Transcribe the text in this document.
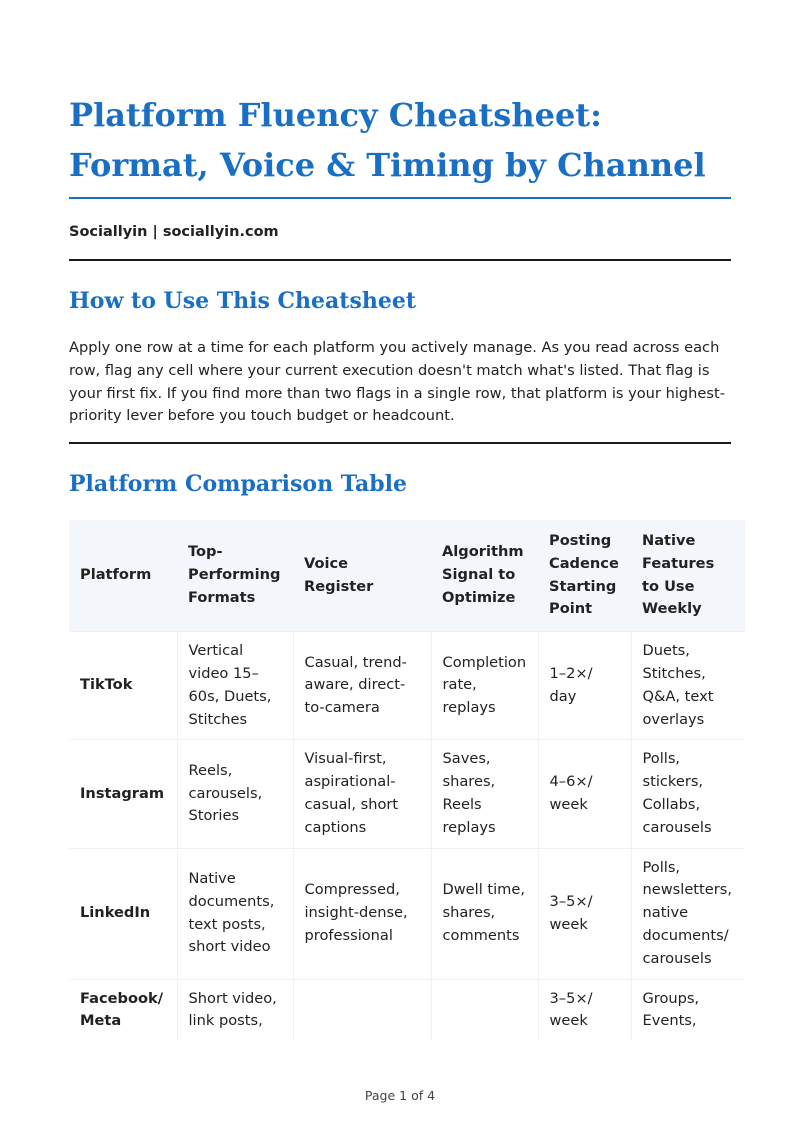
Platform Fluency Cheatsheet: Format, Voice & Timing by Channel
Sociallyin | sociallyin.com
How to Use This Cheatsheet

Apply one row at a time for each platform you actively manage. As you read across each row, flag any cell where your current execution doesn't match what's listed. That flag is your first fix. If you find more than two flags in a single row, that platform is your highest-priority lever before you touch budget or headcount.

Platform Comparison Table
Platform	Top-Performing Formats	Voice Register	Algorithm Signal to Optimize	Posting Cadence Starting Point	Native Features to Use Weekly
TikTok	Vertical video 15–60s, Duets, Stitches	Casual, trend-aware, direct-to-camera	Completion rate, replays	1–2×/ day	Duets, Stitches, Q&A, text overlays
Instagram	Reels, carousels, Stories	Visual-first, aspirational-casual, short captions	Saves, shares, Reels replays	4–6×/ week	Polls, stickers, Collabs, carousels
LinkedIn	Native documents, text posts, short video	Compressed, insight-dense, professional	Dwell time, shares, comments	3–5×/ week	Polls, newsletters, native documents/ carousels
Facebook/ Meta	Short video, link posts,			3–5×/ week	Groups, Events,
Page 1 of 4
